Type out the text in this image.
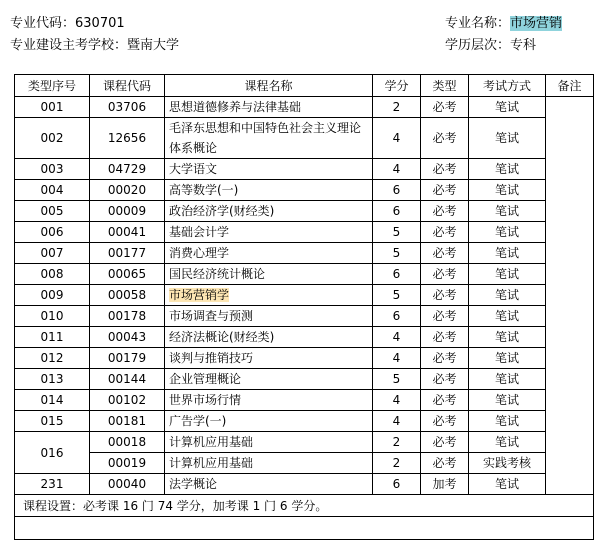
专业代码：630701
专业建设主考学校：暨南大学
专业名称：市场营销
学历层次：专科
类型序号	课程代码	课程名称	学分	类型	考试方式	备注
001	03706	思想道德修养与法律基础	2	必考	笔试	
002	12656	毛泽东思想和中国特色社会主义理论体系概论	4	必考	笔试	
003	04729	大学语文	4	必考	笔试	
004	00020	高等数学(一)	6	必考	笔试	
005	00009	政治经济学(财经类)	6	必考	笔试	
006	00041	基础会计学	5	必考	笔试	
007	00177	消费心理学	5	必考	笔试	
008	00065	国民经济统计概论	6	必考	笔试	
009	00058	市场营销学	5	必考	笔试	
010	00178	市场调查与预测	6	必考	笔试	
011	00043	经济法概论(财经类)	4	必考	笔试	
012	00179	谈判与推销技巧	4	必考	笔试	
013	00144	企业管理概论	5	必考	笔试	
014	00102	世界市场行情	4	必考	笔试	
015	00181	广告学(一)	4	必考	笔试	
016	00018	计算机应用基础	2	必考	笔试	
	00019	计算机应用基础	2	必考	实践考核	
231	00040	法学概论	6	加考	笔试	
课程设置：必考课 16 门 74 学分，加考课 1 门 6 学分。						
